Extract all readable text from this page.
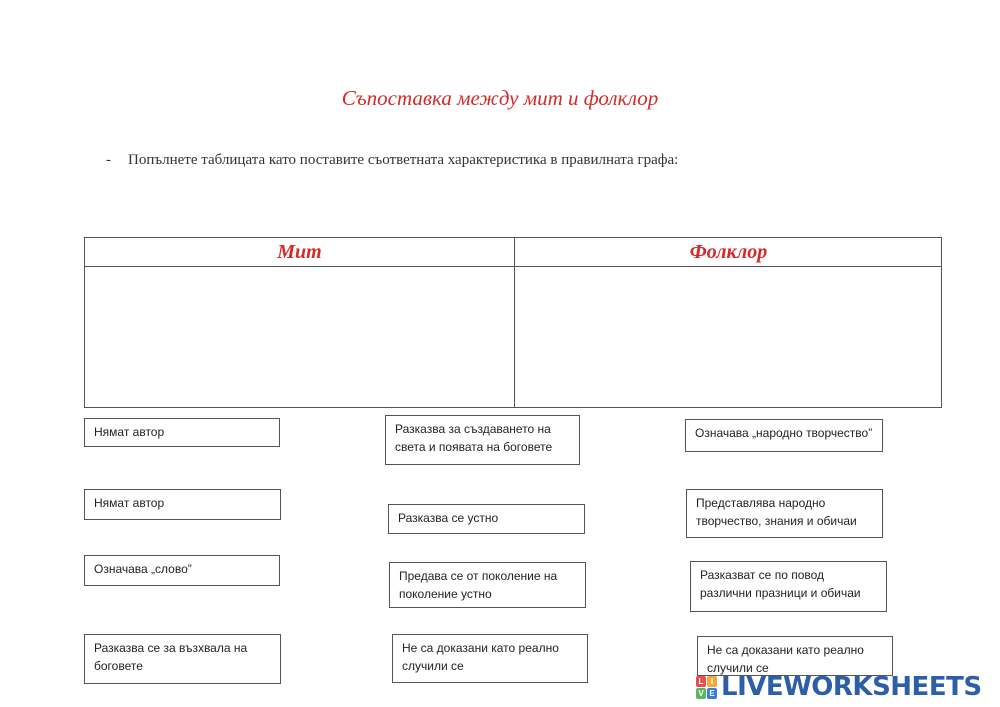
Съпоставка между мит и фолклор
- Попълнете таблицата като поставите съответната характеристика в правилната графа:
Мит	Фолклор
Нямат автор	Разказва за създаването на света и появата на боговете
Означава „народно творчество”
Нямат автор
Разказва се устно
Представлява народно творчество, знания и обичаи
Означава „слово”	Предава се от поколение на поколение устно
Разказват се по повод различни празници и обичаи
Разказва се за възхвала на боговете
Не са доказани като реално случили се
Не са доказани като реално случили се
L I
V E LIVEWORKSHEETS
